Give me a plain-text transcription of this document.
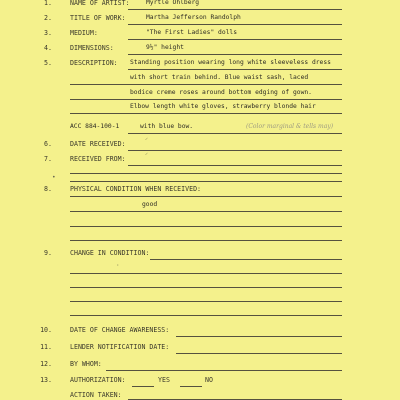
1.	NAME OF ARTIST:	Myrtle Ohlberg
2.	TITLE OF WORK:	Martha Jefferson Randolph
3.	MEDIUM:	"The First Ladies" dolls
4.	DIMENSIONS:	9½" height
5.	DESCRIPTION: Standing position wearing long white sleeveless dress
with short train behind. Blue waist sash, laced
bodice creme roses around bottom edging of gown.
Elbow length white gloves, strawberry blonde hair
ACC 884-100-1	with blue bow.	(Color marginal & tells may)
6.	DATE RECEIVED:	⸍
7.	RECEIVED FROM:	⸍
•
8.	PHYSICAL CONDITION WHEN RECEIVED:
good
9.	CHANGE IN CONDITION:
·
10.	DATE OF CHANGE AWARENESS:
11.	LENDER NOTIFICATION DATE:
12.	BY WHOM:
13.	AUTHORIZATION:	YES	NO
ACTION TAKEN:
